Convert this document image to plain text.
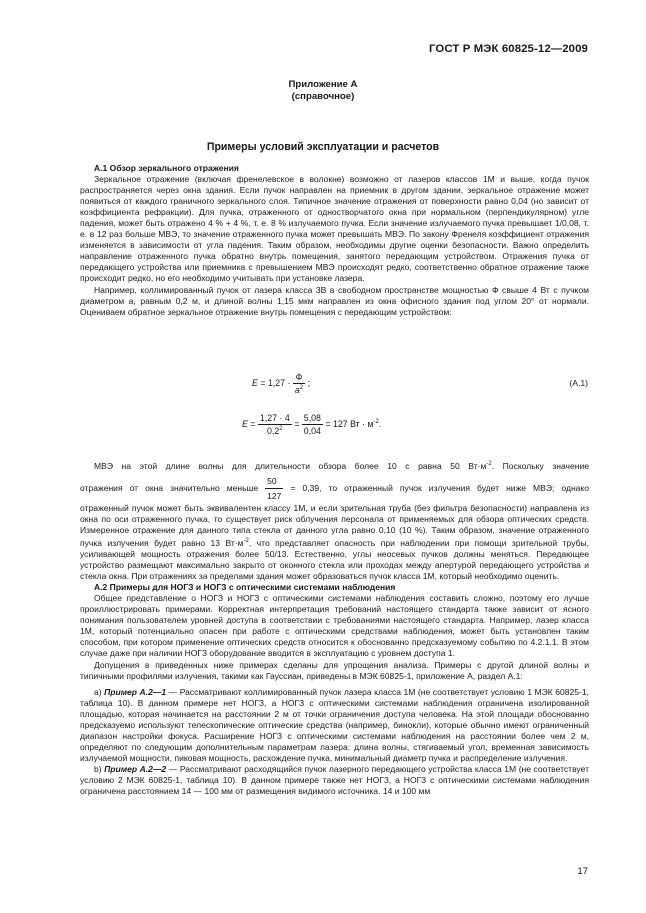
ГОСТ Р МЭК 60825-12—2009
Приложение А
(справочное)
Примеры условий эксплуатации и расчетов

А.1 Обзор зеркального отражения

Зеркальное отражение (включая френелевское в волокне) возможно от лазеров классов 1М и выше, когда пучок распространяется через окна здания. Если пучок направлен на приемник в другом здании, зеркальное отражение может появиться от каждого граничного зеркального слоя. Типичное значение отражения от поверхности равно 0,04 (но зависит от коэффициента рефракции). Для пучка, отраженного от одностворчатого окна при нормальном (перпендикулярном) угле падения, может быть отражено 4 % + 4 %, т. е. 8 % излучаемого пучка. Если значение излучаемого пучка превышает 1/0,08, т. е. в 12 раз больше МВЭ, то значение отраженного пучка может превышать МВЭ. По закону Френеля коэффициент отражения изменяется в зависимости от угла падения. Таким образом, необходимы другие оценки безопасности. Важно определить направление отраженного пучка обратно внутрь помещения, занятого передающим устройством. Отражения пучка от передающего устройства или приемника с превышением МВЭ происходят редко, соответственно обратное отражение также происходит редко, но его необходимо учитывать при установке лазера.

Например, коллимированный пучок от лазера класса 3В в свободном пространстве мощностью Ф свыше 4 Вт с пучком диаметром a, равным 0,2 м, и длиной волны 1,15 мкм направлен из окна офисного здания под углом 20° от нормали. Оцениваем обратное зеркальное отражение внутрь помещения с передающим устройством:

$E = 1,27 \cdot \frac{Ф}{a^2}$ ;	(А.1)
$E = \frac{1,27 \cdot 4}{0,2^2} = \frac{5,08}{0,04} = 127$ Вт · $м^{-2}$.

МВЭ на этой длине волны для длительности обзора более 10 с равна 50 $Вт\cdot м^{-2}$. Поскольку значение

отражения от окна значительно меньше $\frac{50}{127} = 0,39$, то отраженный пучок излучения будет ниже МВЭ; однако

отраженный пучок может быть эквивалентен классу 1М, и если зрительная труба (без фильтра безопасности) направлена из окна по оси отраженного пучка, то существует риск облучения персонала от применяемых для обзора оптических средств. Измеренное отражение для данного типа стекла от данного угла равно 0,10 (10 %). Таким образом, значение отраженного пучка излучения будет равно 13 $Вт\cdot м^{-2}$, что представляет опасность при наблюдении при помощи зрительной трубы, усиливающей мощность отражения более 50/13. Естественно, углы неосевых пучков должны меняться. Передающее устройство размещают максимально закрыто от оконного стекла или проходах между апертурой передающего устройства и стекла окна. При отражениях за пределами здания может образоваться пучок класса 1М, который необходимо оценить.

А.2 Примеры для НОГЗ и НОГЗ с оптическими системами наблюдения

Общее представление о НОГЗ и НОГЗ с оптическими системами наблюдения составить сложно, поэтому его лучше проиллюстрировать примерами. Корректная интерпретация требований настоящего стандарта также зависит от ясного понимания пользователем уровней доступа в соответствии с требованиями настоящего стандарта. Например, лазер класса 1М, который потенциально опасен при работе с оптическими средствами наблюдения, может быть установлен таким способом, при котором применение оптических средств относится к обоснованно предсказуемому событию по 4.2.1.1. В этом случае даже при наличии НОГЗ оборудование вводится в эксплуатацию с уровнем доступа 1.

Допущения в приведенных ниже примерах сделаны для упрощения анализа. Примеры с другой длиной волны и типичными профилями излучения, такими как Гауссиан, приведены в МЭК 60825-1, приложение А, раздел А.1:

а) Пример А.2—1 — Рассматривают коллимированный пучок лазера класса 1М (не соответствует условию 1 МЭК 60825-1, таблица 10). В данном примере нет НОГЗ, а НОГЗ с оптическими системами наблюдения ограничена изолированной площадью, которая начинается на расстоянии 2 м от точки ограничения доступа человека. На этой площади обоснованно предсказуемо используют телескопические оптические средства (например, бинокли), которые обычно имеют ограниченный диапазон настройки фокуса. Расширение НОГЗ с оптическими системами наблюдения на расстоянии более чем 2 м, определяют по следующим дополнительным параметрам лазера: длина волны, стягиваемый угол, временная зависимость излучаемой мощности, пиковая мощность, расхождение пучка, минимальный диаметр пучка и распределение излучения.

b) Пример А.2—2 — Рассматривают расходящийся пучок лазерного передающего устройства класса 1М (не соответствует условию 2 МЭК 60825-1, таблица 10). В данном примере также нет НОГЗ, а НОГЗ с оптическими системами наблюдения ограничена расстоянием 14 — 100 мм от размещения видимого источника. 14 и 100 мм

17
